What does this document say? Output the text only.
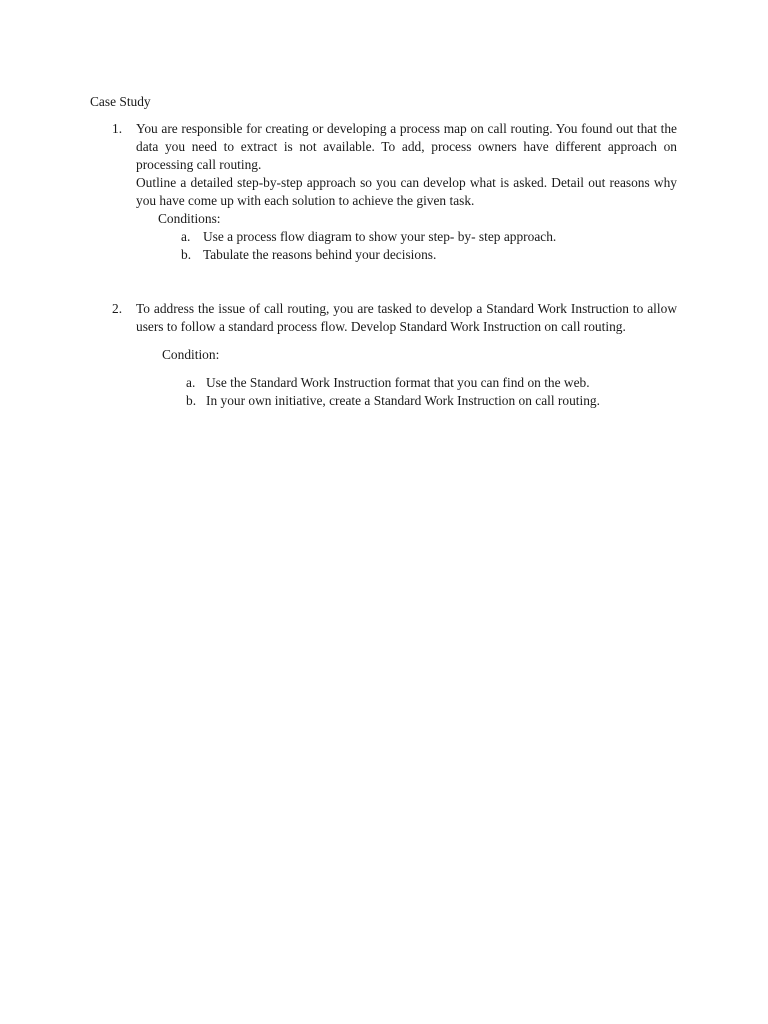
Case Study
1. You are responsible for creating or developing a process map on call routing. You found out that the data you need to extract is not available. To add, process owners have different approach on processing call routing.

Outline a detailed step-by-step approach so you can develop what is asked. Detail out reasons why you have come up with each solution to achieve the given task.

Conditions:

a. Use a process flow diagram to show your step- by- step approach.

b. Tabulate the reasons behind your decisions.

2. To address the issue of call routing, you are tasked to develop a Standard Work Instruction to allow users to follow a standard process flow. Develop Standard Work Instruction on call routing.

Condition:

a. Use the Standard Work Instruction format that you can find on the web.

b. In your own initiative, create a Standard Work Instruction on call routing.
